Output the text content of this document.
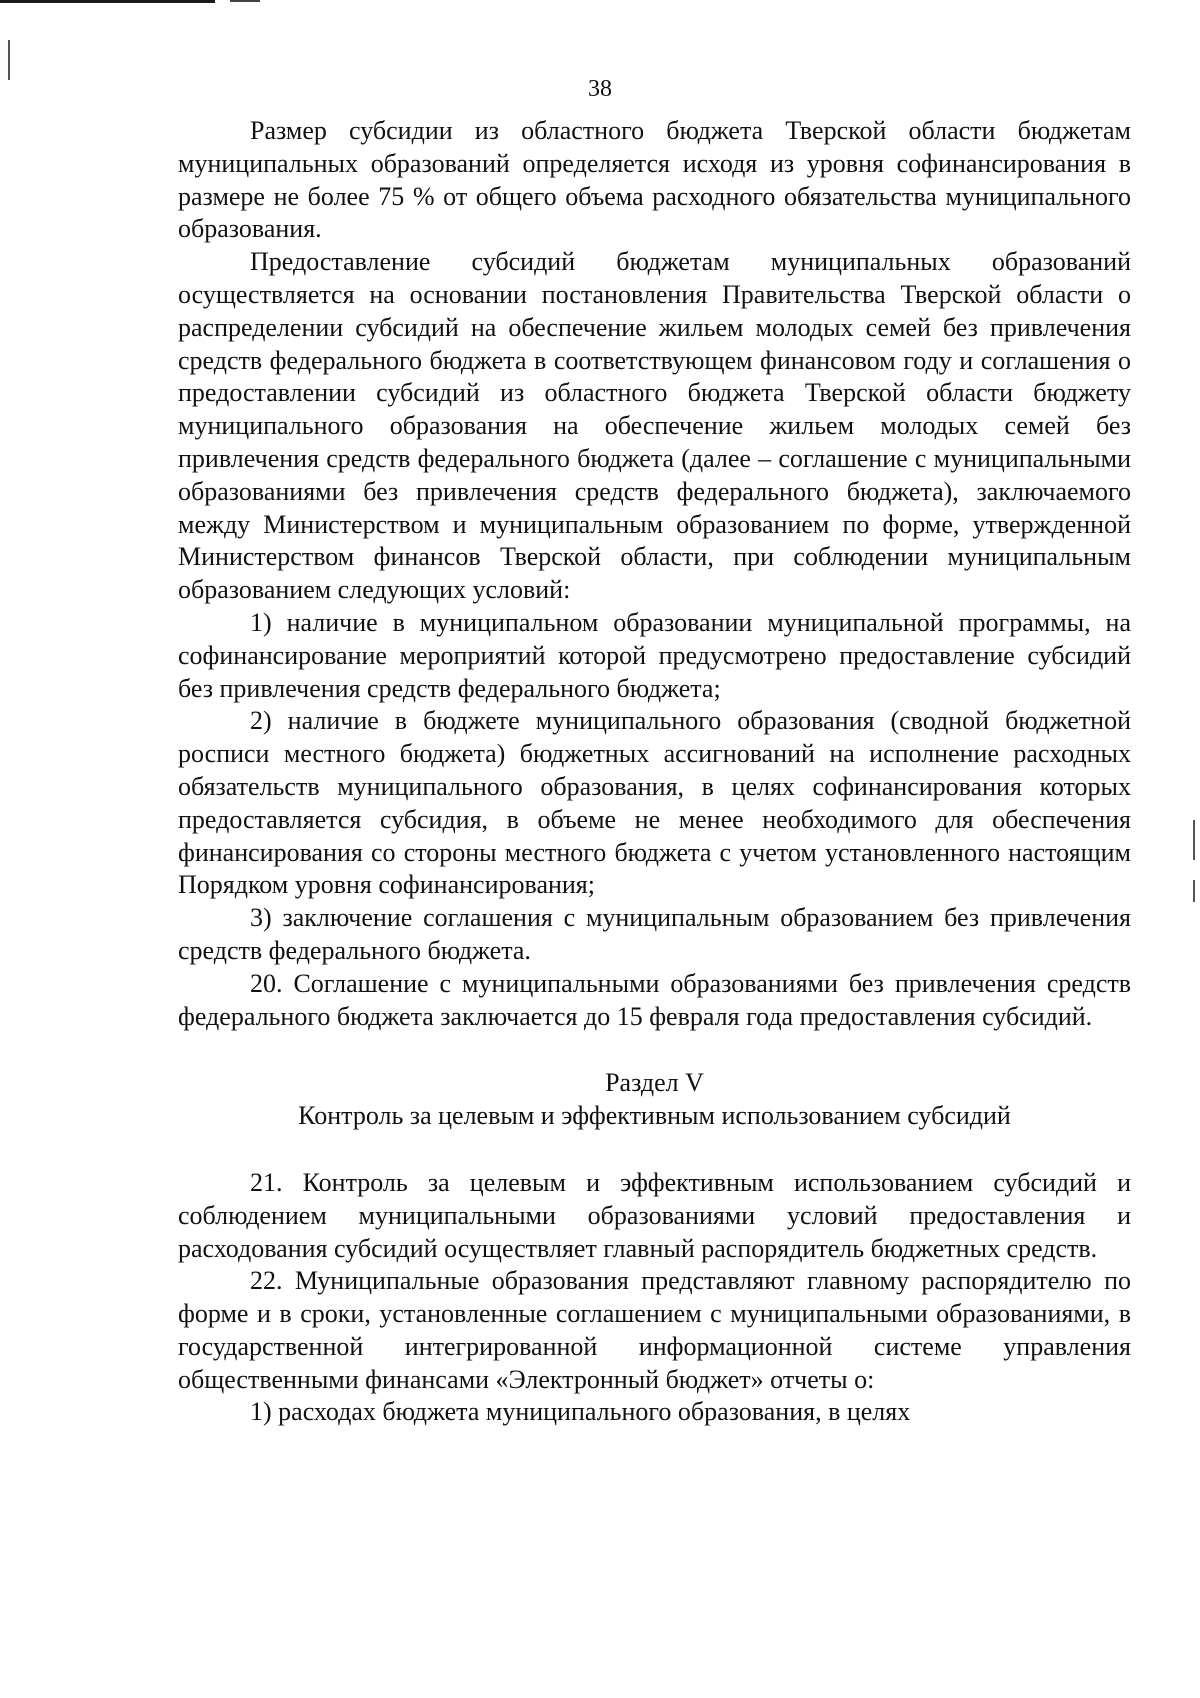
38

Размер субсидии из областного бюджета Тверской области бюджетам муниципальных образований определяется исходя из уровня софинансирования в размере не более 75 % от общего объема расходного обязательства муниципального образования.

Предоставление субсидий бюджетам муниципальных образований осуществляется на основании постановления Правительства Тверской области о распределении субсидий на обеспечение жильем молодых семей без привлечения средств федерального бюджета в соответствующем финансовом году и соглашения о предоставлении субсидий из областного бюджета Тверской области бюджету муниципального образования на обеспечение жильем молодых семей без привлечения средств федерального бюджета (далее – соглашение с муниципальными образованиями без привлечения средств федерального бюджета), заключаемого между Министерством и муниципальным образованием по форме, утвержденной Министерством финансов Тверской области, при соблюдении муниципальным образованием следующих условий:

1) наличие в муниципальном образовании муниципальной программы, на софинансирование мероприятий которой предусмотрено предоставление субсидий без привлечения средств федерального бюджета;

2) наличие в бюджете муниципального образования (сводной бюджетной росписи местного бюджета) бюджетных ассигнований на исполнение расходных обязательств муниципального образования, в целях софинансирования которых предоставляется субсидия, в объеме не менее необходимого для обеспечения финансирования со стороны местного бюджета с учетом установленного настоящим Порядком уровня софинансирования;

3) заключение соглашения с муниципальным образованием без привлечения средств федерального бюджета.

20. Соглашение с муниципальными образованиями без привлечения средств федерального бюджета заключается до 15 февраля года предоставления субсидий.

Раздел V

Контроль за целевым и эффективным использованием субсидий

21. Контроль за целевым и эффективным использованием субсидий и соблюдением муниципальными образованиями условий предоставления и расходования субсидий осуществляет главный распорядитель бюджетных средств.

22. Муниципальные образования представляют главному распорядителю по форме и в сроки, установленные соглашением с муниципальными образованиями, в государственной интегрированной информационной системе управления общественными финансами «Электронный бюджет» отчеты о:

1) расходах бюджета муниципального образования, в целях
